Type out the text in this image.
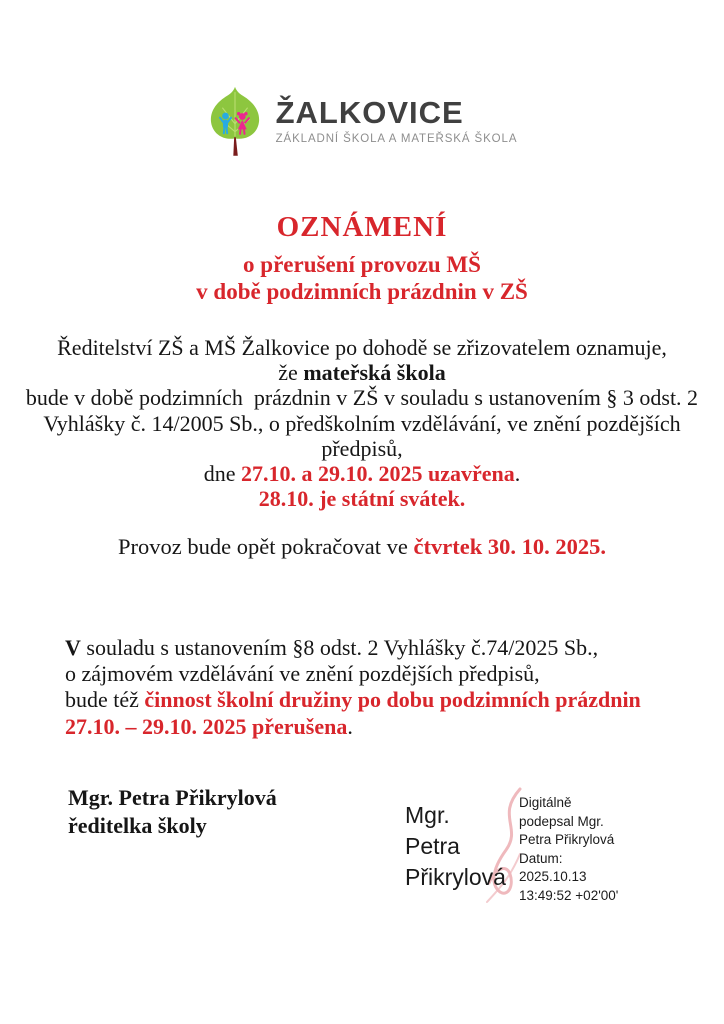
ŽALKOVICE
ZÁKLADNÍ ŠKOLA A MATEŘSKÁ ŠKOLA
OZNÁMENÍ
o přerušení provozu MŠ
v době podzimních prázdnin v ZŠ
Ředitelství ZŠ a MŠ Žalkovice po dohodě se zřizovatelem oznamuje,
že mateřská škola
bude v době podzimních  prázdnin v ZŠ v souladu s ustanovením § 3 odst. 2
Vyhlášky č. 14/2005 Sb., o předškolním vzdělávání, ve znění pozdějších
předpisů,
dne 27.10. a 29.10. 2025 uzavřena.
28.10. je státní svátek.
Provoz bude opět pokračovat ve čtvrtek 30. 10. 2025.
V souladu s ustanovením §8 odst. 2 Vyhlášky č.74/2025 Sb.,
o zájmovém vzdělávání ve znění pozdějších předpisů,
bude též činnost školní družiny po dobu podzimních prázdnin
27.10. – 29.10. 2025 přerušena.
Mgr. Petra Přikrylová
ředitelka školy	Mgr.
Petra
Přikrylová
Digitálně
podepsal Mgr.
Petra Přikrylová
Datum:
2025.10.13
13:49:52 +02'00'
